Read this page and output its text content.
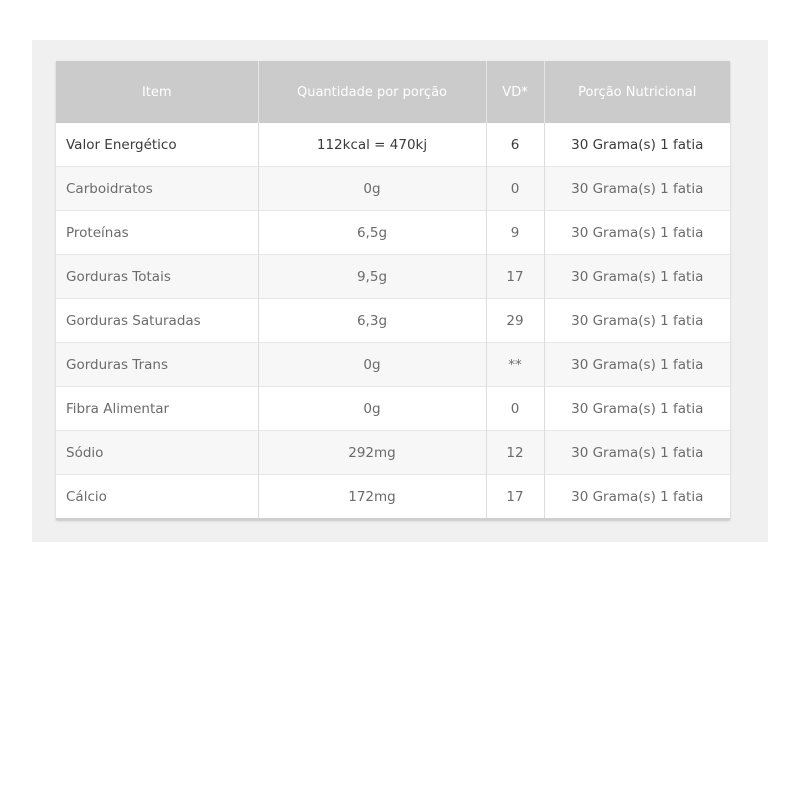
Item	Quantidade por porção	VD*	Porção Nutricional
Valor Energético	112kcal = 470kj	6	30 Grama(s) 1 fatia
Carboidratos	0g	0	30 Grama(s) 1 fatia
Proteínas	6,5g	9	30 Grama(s) 1 fatia
Gorduras Totais	9,5g	17	30 Grama(s) 1 fatia
Gorduras Saturadas	6,3g	29	30 Grama(s) 1 fatia
Gorduras Trans	0g	**	30 Grama(s) 1 fatia
Fibra Alimentar	0g	0	30 Grama(s) 1 fatia
Sódio	292mg	12	30 Grama(s) 1 fatia
Cálcio	172mg	17	30 Grama(s) 1 fatia
